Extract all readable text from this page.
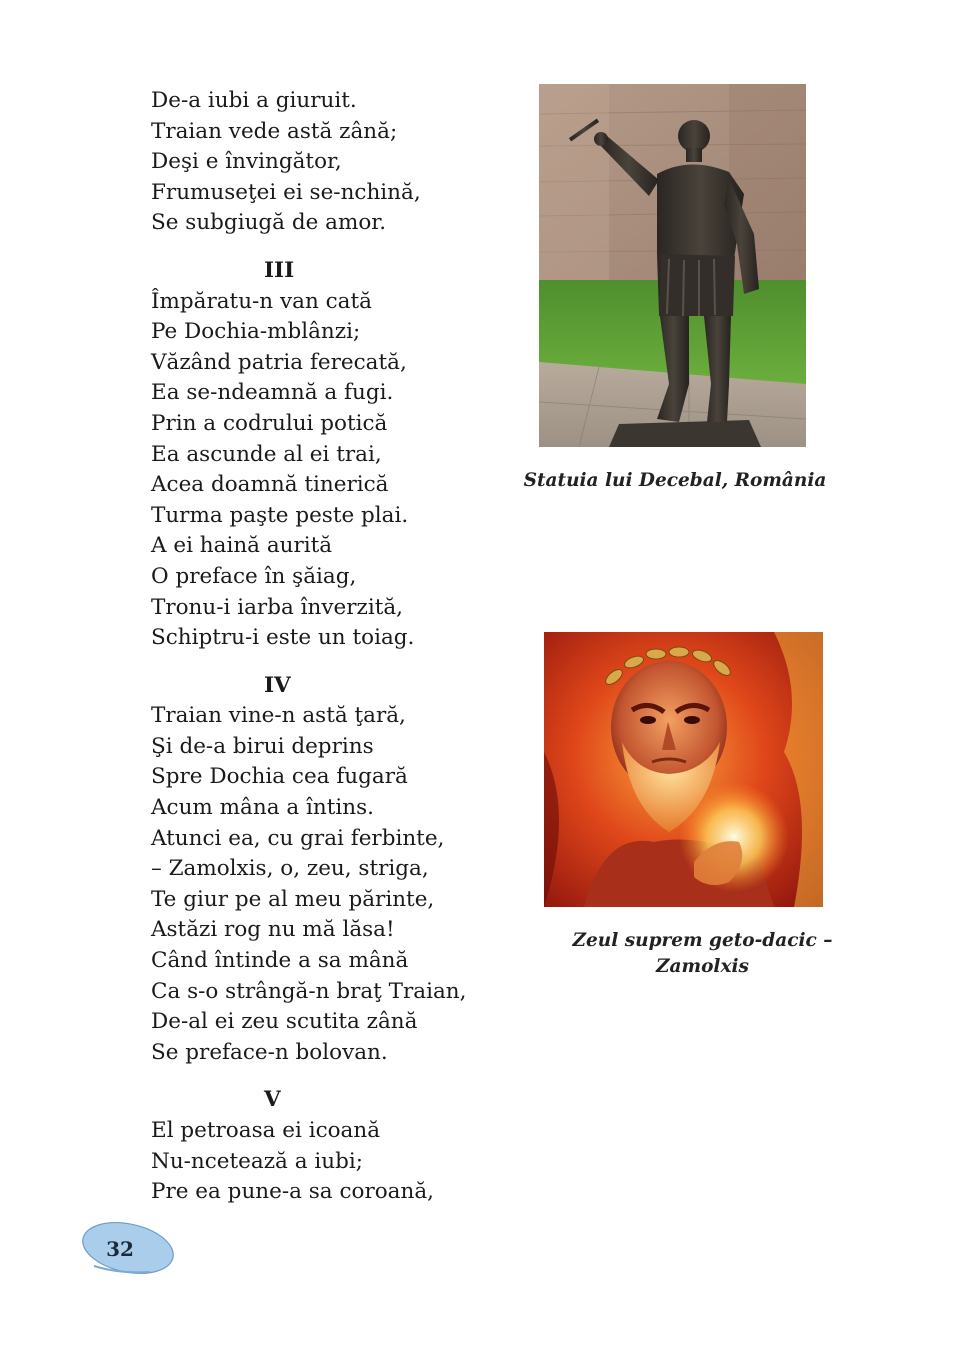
De-a iubi a giuruit.
Traian vede astă zână;
Deşi e învingător,
Frumuseţei ei se-nchină,
Se subgiugă de amor.
III
Împăratu-n van cată
Pe Dochia-mblânzi;
Văzând patria ferecată,
Ea se-ndeamnă a fugi.
Prin a codrului potică
Ea ascunde al ei trai,
Acea doamnă tinerică
Turma paşte peste plai.
A ei haină aurită
O preface în şăiag,
Tronu-i iarba înverzită,
Schiptru-i este un toiag.
IV
Traian vine-n astă ţară,
Şi de-a birui deprins
Spre Dochia cea fugară
Acum mâna a întins.
Atunci ea, cu grai ferbinte,
– Zamolxis, o, zeu, striga,
Te giur pe al meu părinte,
Astăzi rog nu mă lăsa!
Când întinde a sa mână
Ca s-o strângă-n braţ Traian,
De-al ei zeu scutita zână
Se preface-n bolovan.
V
El petroasa ei icoană
Nu-ncetează a iubi;
Pre ea pune-a sa coroană,
Statuia lui Decebal, România
Zeul suprem geto-dacic –
Zamolxis
32
